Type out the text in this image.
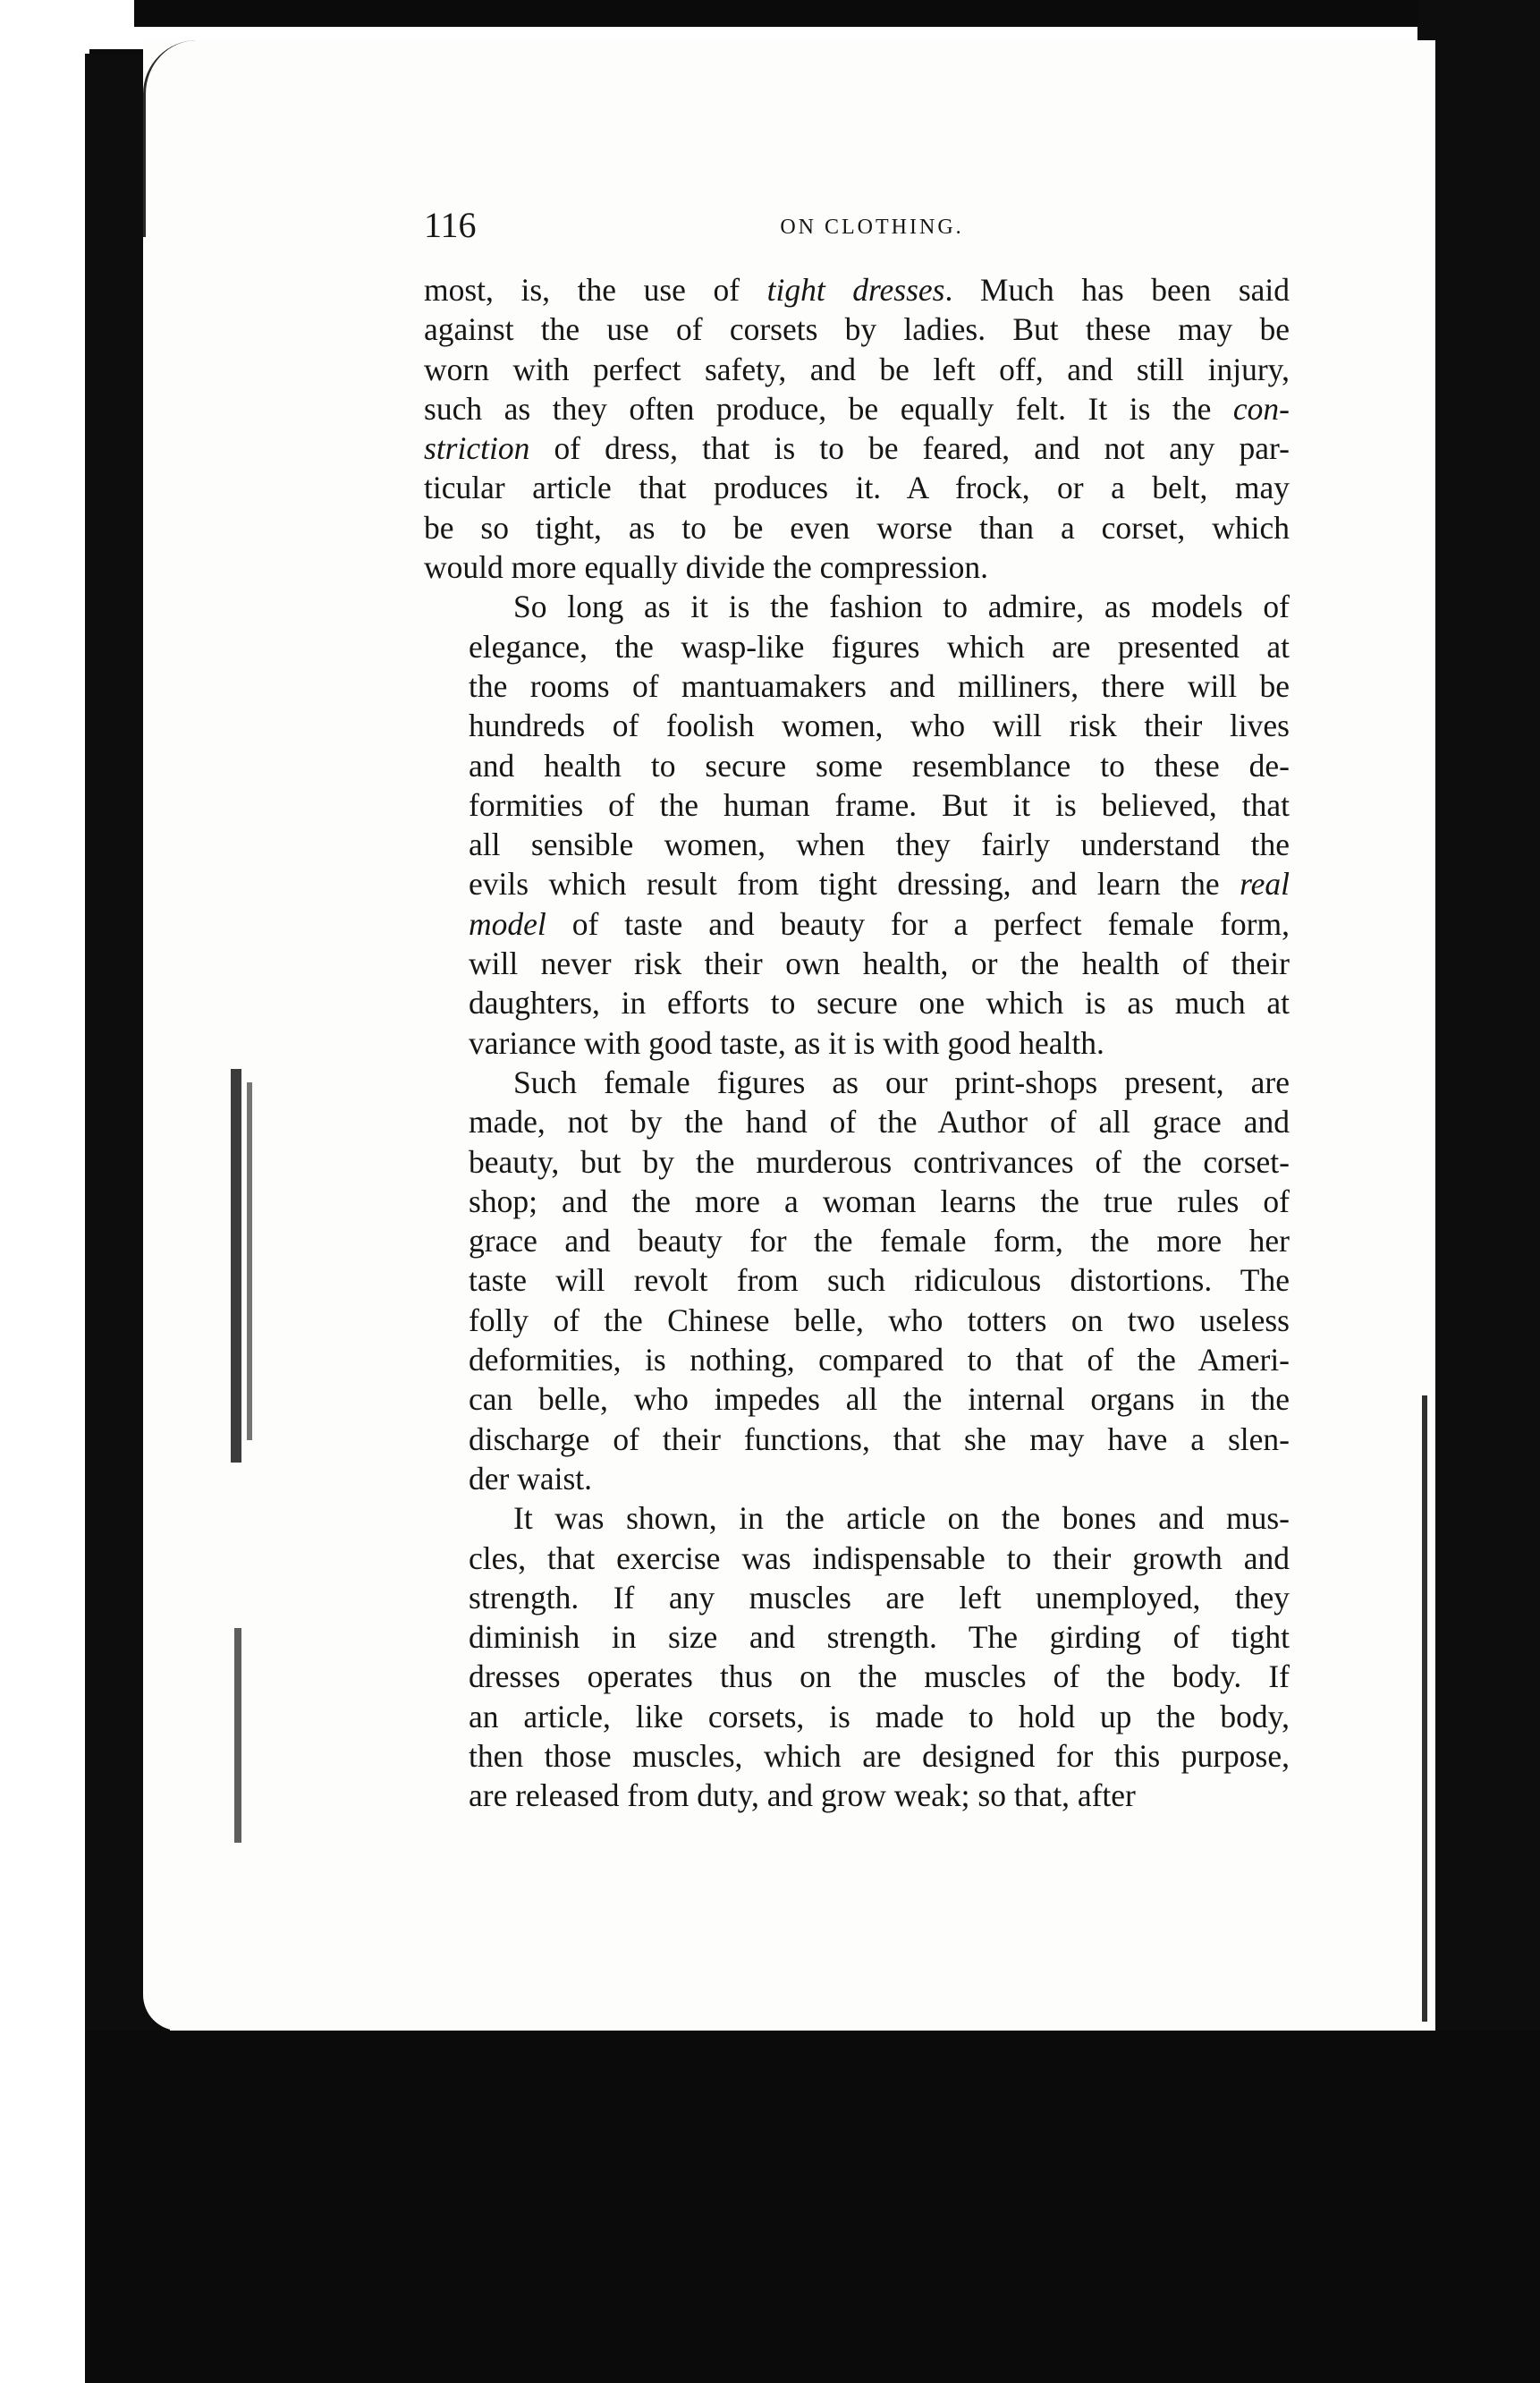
116	ON CLOTHING.
most, is, the use of tight dresses. Much has been said
against the use of corsets by ladies. But these may be
worn with perfect safety, and be left off, and still injury,
such as they often produce, be equally felt. It is the con-
striction of dress, that is to be feared, and not any par-
ticular article that produces it. A frock, or a belt, may
be so tight, as to be even worse than a corset, which
would more equally divide the compression.
So long as it is the fashion to admire, as models of
elegance, the wasp-like figures which are presented at
the rooms of mantuamakers and milliners, there will be
hundreds of foolish women, who will risk their lives
and health to secure some resemblance to these de-
formities of the human frame. But it is believed, that
all sensible women, when they fairly understand the
evils which result from tight dressing, and learn the real
model of taste and beauty for a perfect female form,
will never risk their own health, or the health of their
daughters, in efforts to secure one which is as much at
variance with good taste, as it is with good health.
Such female figures as our print-shops present, are
made, not by the hand of the Author of all grace and
beauty, but by the murderous contrivances of the corset-
shop; and the more a woman learns the true rules of
grace and beauty for the female form, the more her
taste will revolt from such ridiculous distortions. The
folly of the Chinese belle, who totters on two useless
deformities, is nothing, compared to that of the Ameri-
can belle, who impedes all the internal organs in the
discharge of their functions, that she may have a slen-
der waist.
It was shown, in the article on the bones and mus-
cles, that exercise was indispensable to their growth and
strength. If any muscles are left unemployed, they
diminish in size and strength. The girding of tight
dresses operates thus on the muscles of the body. If
an article, like corsets, is made to hold up the body,
then those muscles, which are designed for this purpose,
are released from duty, and grow weak; so that, after
